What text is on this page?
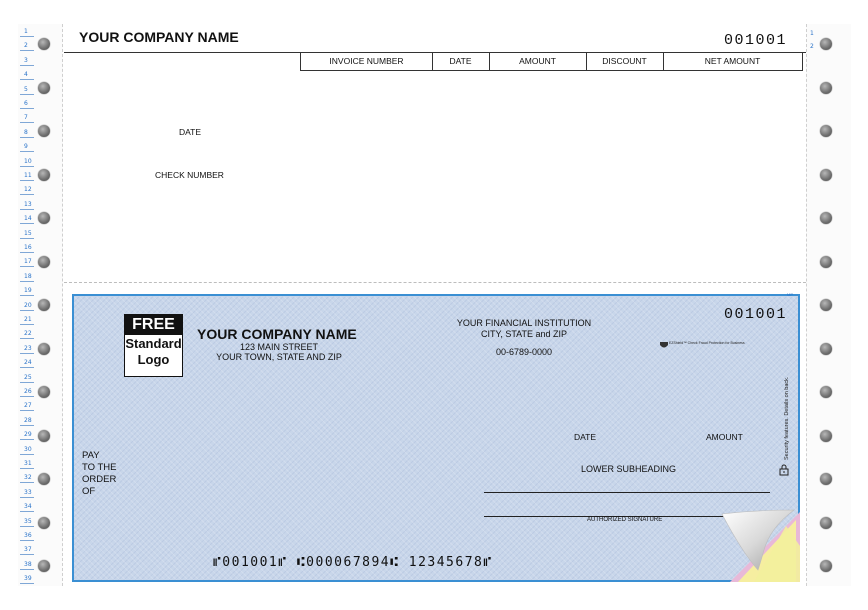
1
2
3
4
5
6
7
8
9
10
11
12
13
14
15
16
17
18
19
20
21
22
23
24
25
26
27
28
29
30
31
32
33
34
35
36
37
38
39
1
2
YOUR COMPANY NAME	001001
INVOICE NUMBER	DATE	AMOUNT	DISCOUNT	NET AMOUNT
DATE
CHECK NUMBER
MP
FREE
Standard
Logo
YOUR COMPANY NAME
123 MAIN STREET
YOUR TOWN, STATE AND ZIP
YOUR FINANCIAL INSTITUTION
CITY, STATE and ZIP
00-6789-0000
001001
EZShield™ Check Fraud Protection for Business
Security features. Details on back.
DATE	AMOUNT
LOWER SUBHEADING
PAY
TO THE
ORDER
OF
AUTHORIZED SIGNATURE
⑈001001⑈ ⑆000067894⑆ 12345678⑈
